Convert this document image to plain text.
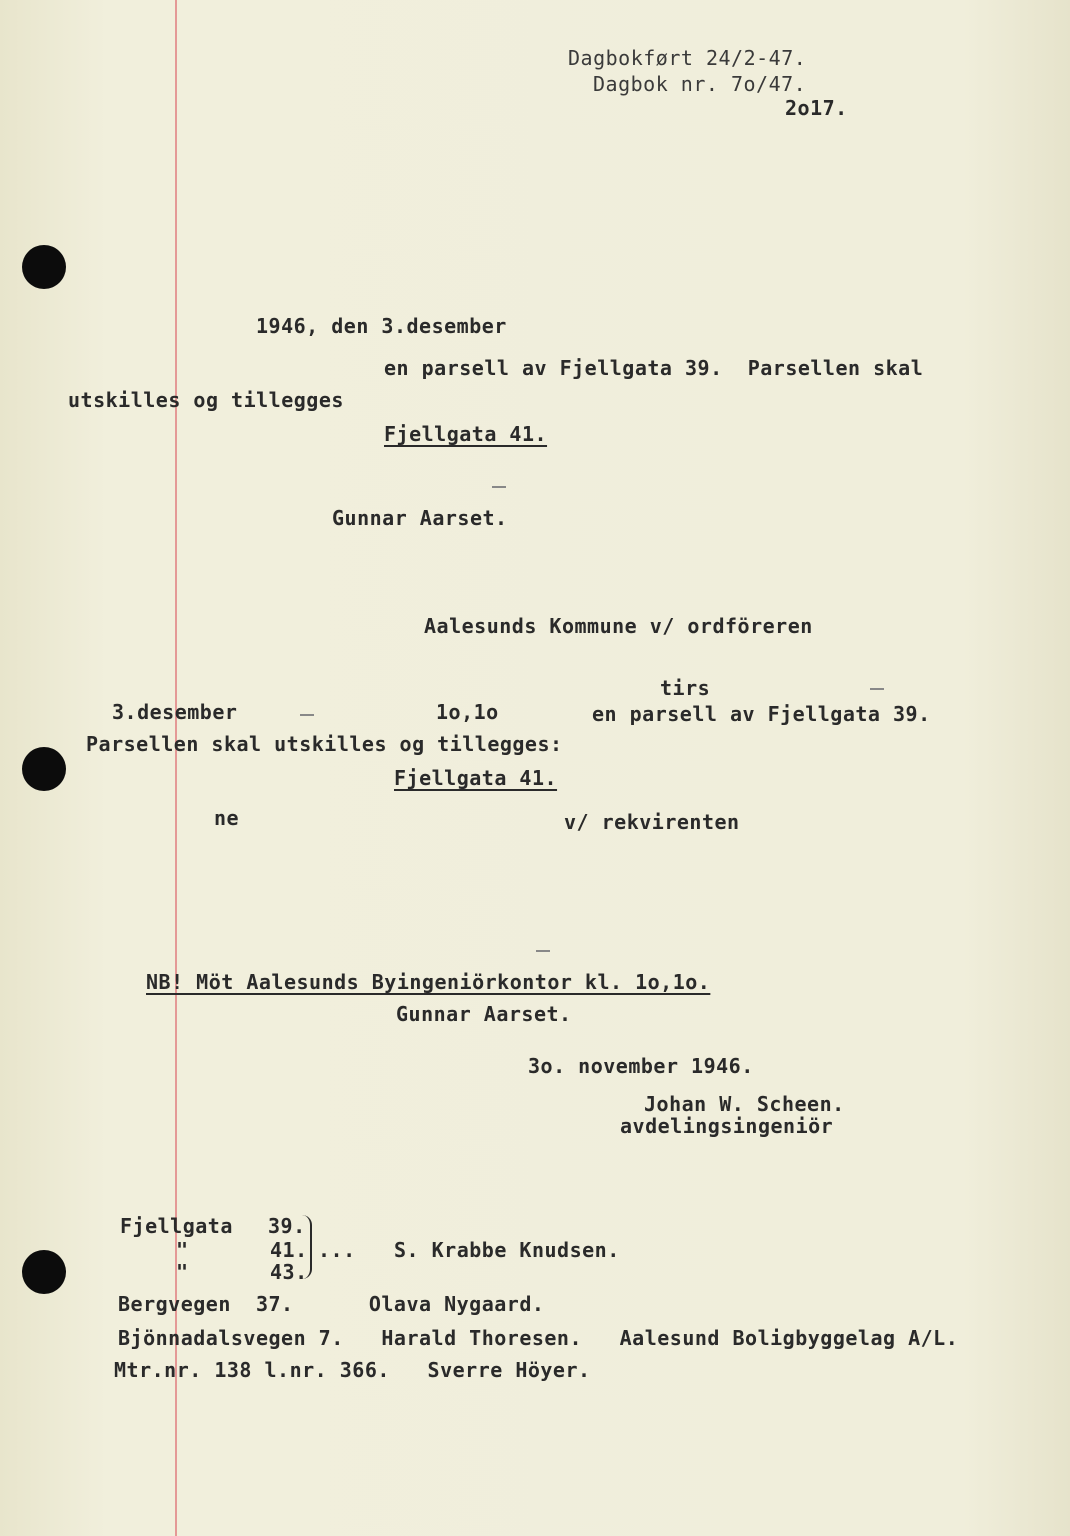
Dagbokført 24/2-47.
Dagbok nr. 7o/47.
2o17.
1946, den 3.desember
en parsell av Fjellgata 39.  Parsellen skal
utskilles og tillegges
Fjellgata 41.
Gunnar Aarset.
Aalesunds Kommune v/ ordföreren
tirs
3.desember	1o,1o	en parsell av Fjellgata 39.
Parsellen skal utskilles og tillegges:
Fjellgata 41.
ne	v/ rekvirenten
NB! Möt Aalesunds Byingeniörkontor kl. 1o,1o.
Gunnar Aarset.
3o. november 1946.
Johan W. Scheen.
avdelingsingeniör
Fjellgata 39.
"	41. ... S. Krabbe Knudsen.
"	43.
Bergvegen  37.      Olava Nygaard.
Bjönnadalsvegen 7.   Harald Thoresen.   Aalesund Boligbyggelag A/L.
Mtr.nr. 138 l.nr. 366.   Sverre Höyer.
